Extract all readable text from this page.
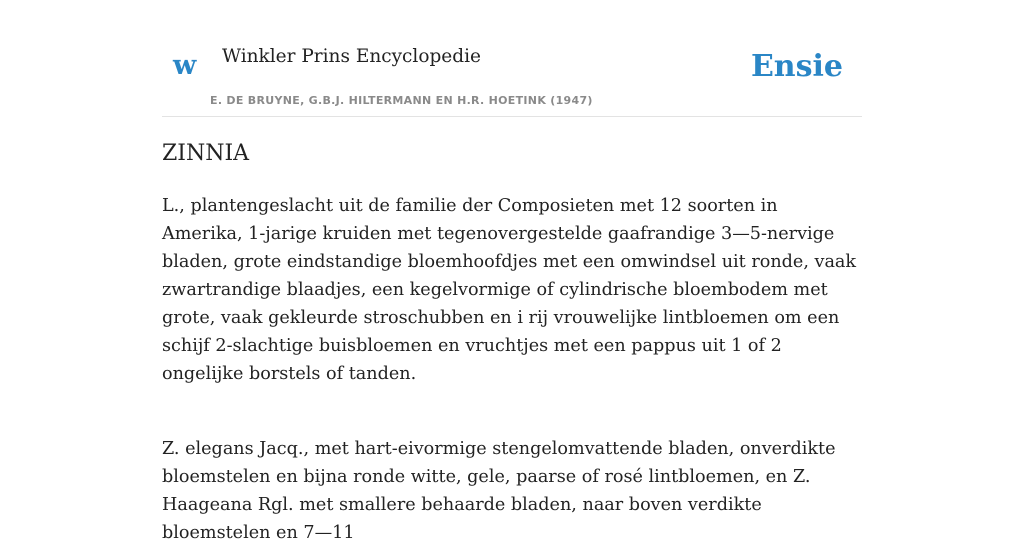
w Winkler Prins Encyclopedie
E. DE BRUYNE, G.B.J. HILTERMANN EN H.R. HOETINK (1947)
Ensie
ZINNIA

L., plantengeslacht uit de familie der Composieten met 12 soorten in Amerika, 1-jarige kruiden met tegenovergestelde gaafrandige 3—5-nervige bladen, grote eindstandige bloemhoofdjes met een omwindsel uit ronde, vaak zwartrandige blaadjes, een kegelvormige of cylindrische bloembodem met grote, vaak gekleurde stroschubben en i rij vrouwelijke lintbloemen om een schijf 2-slachtige buisbloemen en vruchtjes met een pappus uit 1 of 2 ongelijke borstels of tanden.

Z. elegans Jacq., met hart-eivormige stengelomvattende bladen, onverdikte bloemstelen en bijna ronde witte, gele, paarse of rosé lintbloemen, en Z. Haageana Rgl. met smallere behaarde bladen, naar boven verdikte bloemstelen en 7—11
